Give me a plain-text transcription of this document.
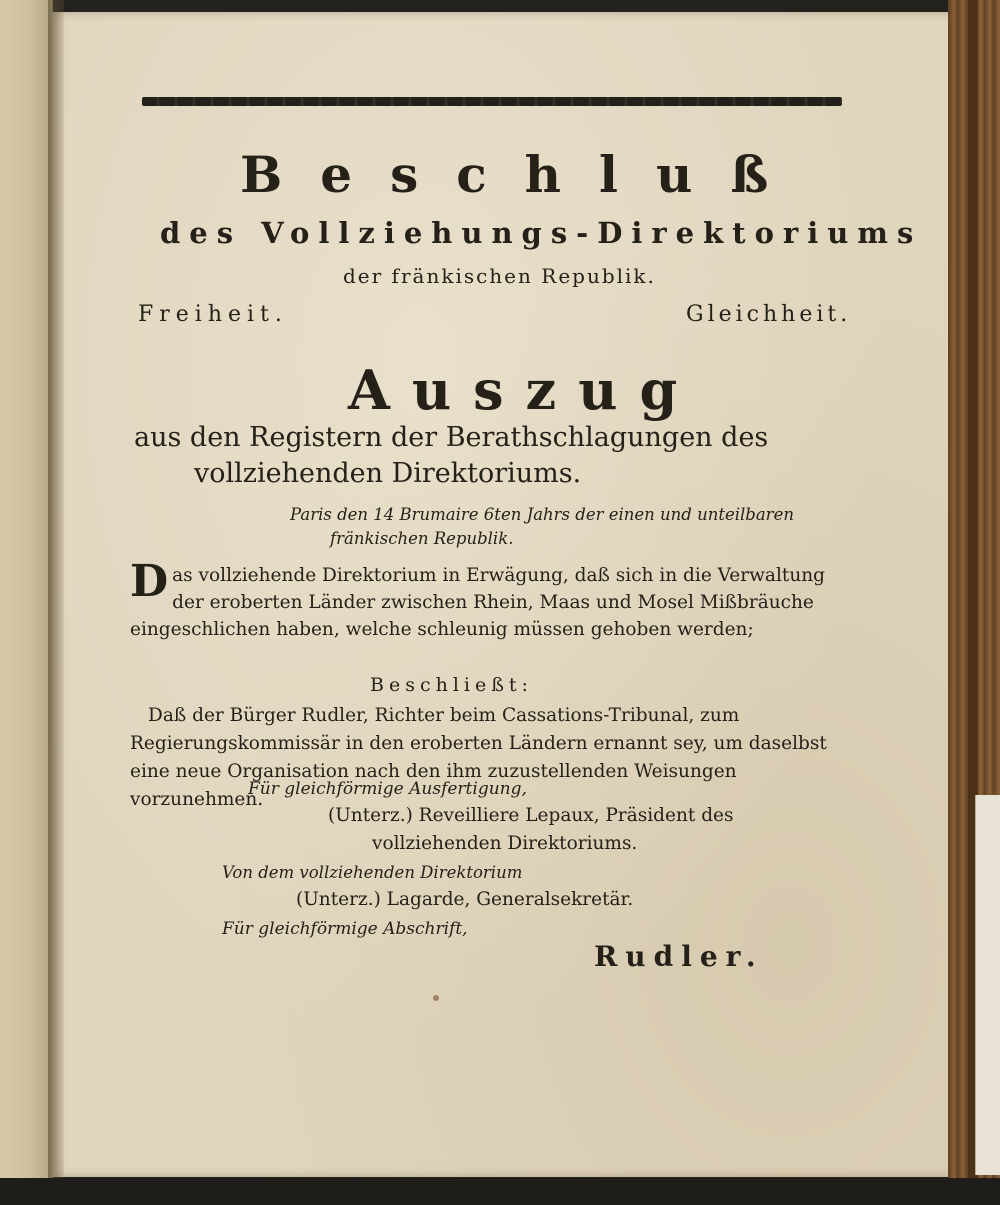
Beschluß
des Vollziehungs-Direktoriums
der fränkischen Republik.
Freiheit.	Gleichheit.
Auszug
aus den Registern der Berathschlagungen des vollziehenden Direktoriums.
Paris den 14 Brumaire 6ten Jahrs der einen und unteilbaren fränkischen Republik.
D as vollziehende Direktorium in Erwägung, daß sich in die Verwaltung der eroberten Länder zwischen Rhein, Maas und Mosel Mißbräuche eingeschlichen haben, welche schleunig müssen gehoben werden;
Beschließt:
Daß der Bürger Rudler, Richter beim Cassations-Tribunal, zum Regierungskommissär in den eroberten Ländern ernannt sey, um daselbst eine neue Organisation nach den ihm zuzustellenden Weisungen vorzunehmen.
Für gleichförmige Ausfertigung,
(Unterz.) Reveilliere Lepaux, Präsident des vollziehenden Direktoriums.
Von dem vollziehenden Direktorium
(Unterz.) Lagarde, Generalsekretär.
Für gleichförmige Abschrift,
Rudler.
